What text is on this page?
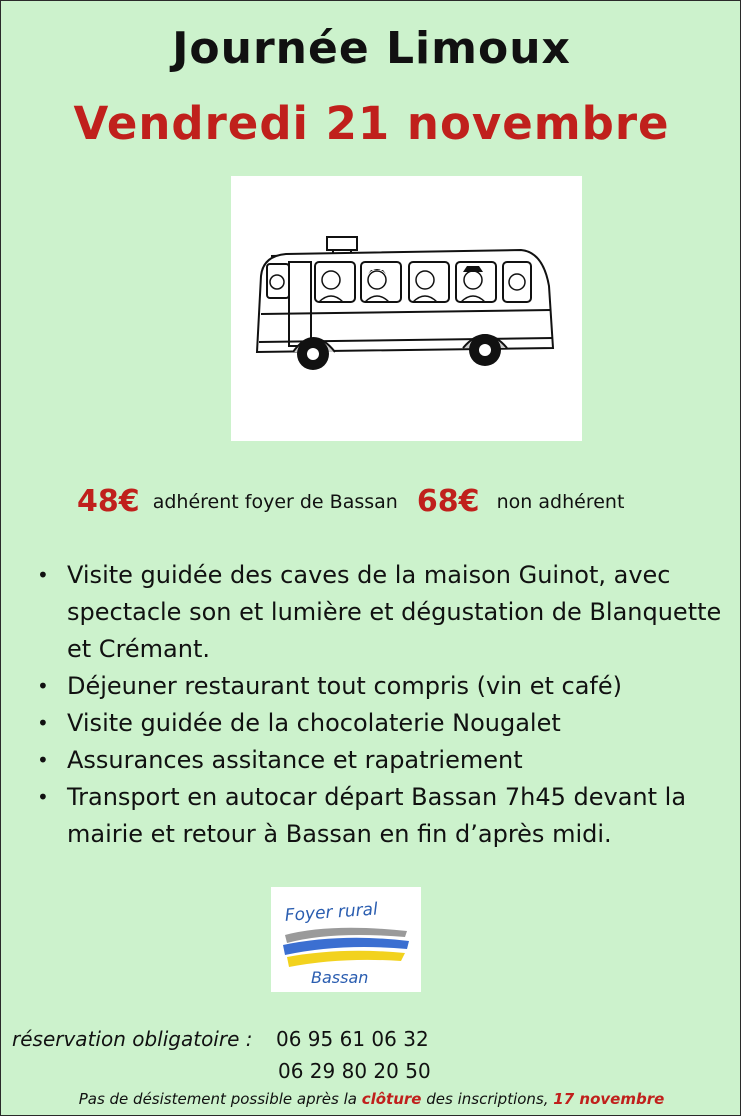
Journée Limoux
Vendredi 21 novembre
48€ adhérent foyer de Bassan 68€ non adhérent
• Visite guidée des caves de la maison Guinot, avec spectacle son et lumière et dégustation de Blanquette et Crémant.
• Déjeuner restaurant tout compris (vin et café)
• Visite guidée de la chocolaterie Nougalet
• Assurances assitance et rapatriement
• Transport en autocar départ Bassan 7h45 devant la mairie et retour à Bassan en fin d’après midi.
Foyer rural
Bassan
réservation obligatoire : 06 95 61 06 32
06 29 80 20 50
Pas de désistement possible après la clôture des inscriptions, 17 novembre
